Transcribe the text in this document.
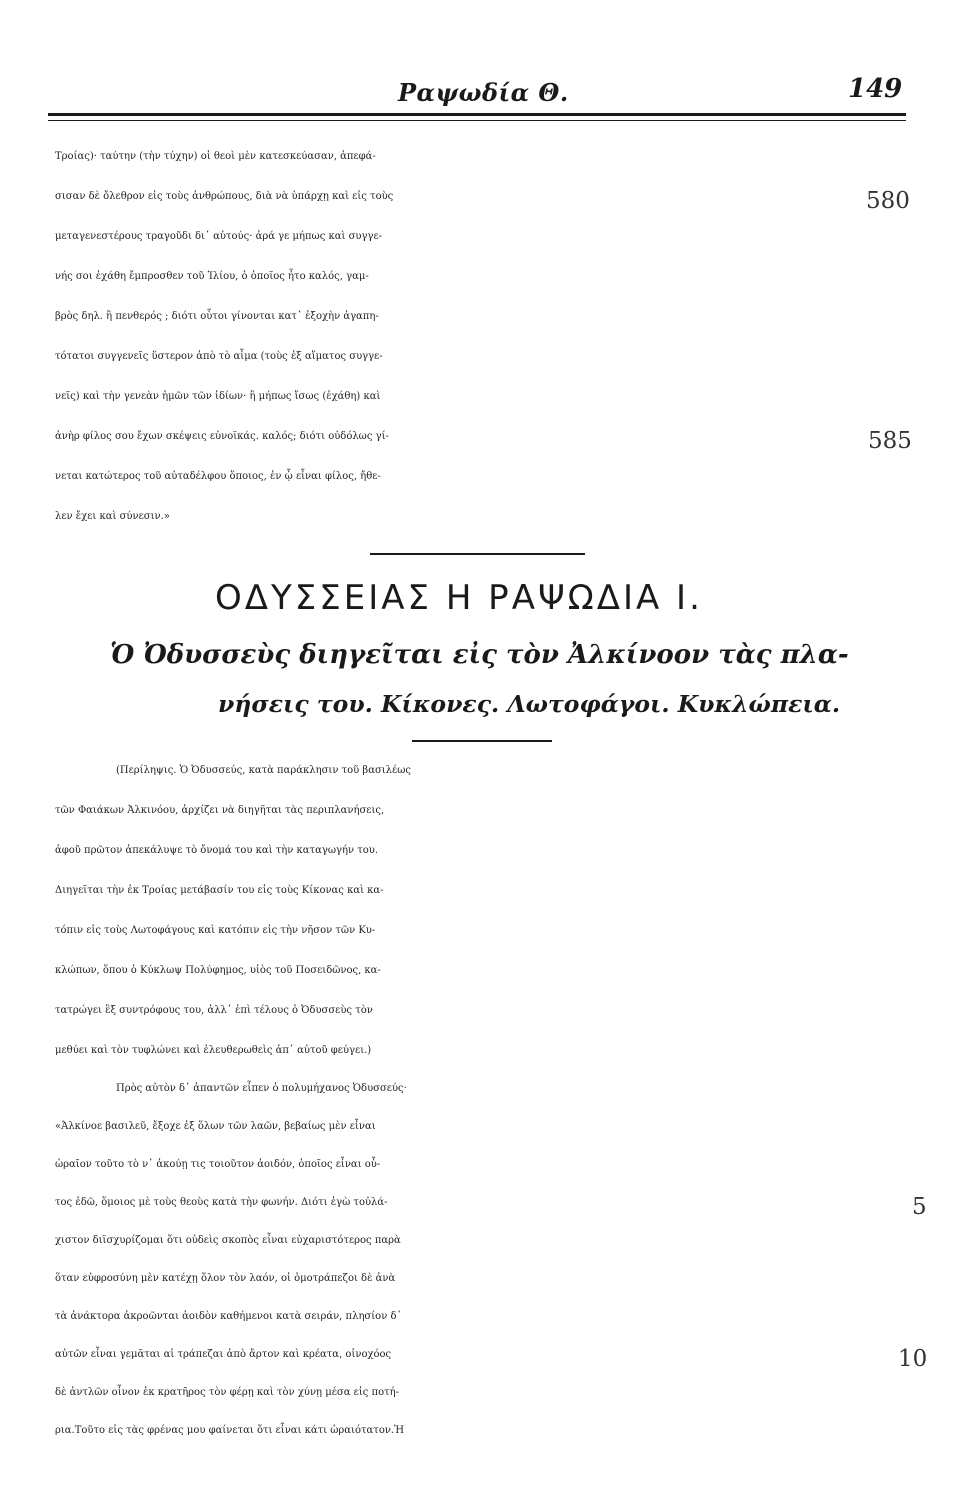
Ραψωδία Θ.	149
Τροίας)· ταύτην (τὴν τύχην) οἱ θεοὶ μὲν κατεσκεύασαν, ἀπεφά-
σισαν δὲ ὄλεθρον εἰς τοὺς ἀνθρώπους, διὰ νὰ ὑπάρχῃ καὶ εἰς τοὺς
μεταγενεστέρους τραγοῦδι δι᾽ αὐτούς· ἀρά γε μήπως καὶ συγγε-
νής σοι ἐχάθη ἔμπροσθεν τοῦ Ἰλίου, ὁ ὁποῖος ἦτο καλός, γαμ-
βρὸς δηλ. ἢ πενθερός ; διότι οὗτοι γίνονται κατ᾽ ἐξοχὴν ἀγαπη-
τότατοι συγγενεῖς ὕστερον ἀπὸ τὸ αἷμα (τοὺς ἐξ αἵματος συγγε-
νεῖς) καὶ τὴν γενεὰν ἡμῶν τῶν ἰδίων· ἢ μήπως ἴσως (ἐχάθη) καὶ
ἀνὴρ φίλος σου ἔχων σκέψεις εὐνοϊκάς. καλός; διότι οὐδόλως γί-
νεται κατώτερος τοῦ αὐταδέλφου ὅποιος, ἐν ᾧ εἶναι φίλος, ἤθε-
λεν ἔχει καὶ σύνεσιν.»
580
585
ΟΔΥΣΣΕΙΑΣ Η ΡΑΨΩΔΙΑ Ι.
Ὁ Ὀδυσσεὺς διηγεῖται εἰς τὸν Ἀλκίνοον τὰς πλα-
νήσεις του. Κίκονες. Λωτοφάγοι. Κυκλώπεια.
(Περίληψις. Ὁ Ὀδυσσεύς, κατὰ παράκλησιν τοῦ βασιλέως
τῶν Φαιάκων Ἀλκινόου, ἀρχίζει νὰ διηγῆται τὰς περιπλανήσεις,
ἀφοῦ πρῶτον ἀπεκάλυψε τὸ ὄνομά του καὶ τὴν καταγωγήν του.
Διηγεῖται τὴν ἐκ Τροίας μετάβασίν του εἰς τοὺς Κίκονας καὶ κα-
τόπιν εἰς τοὺς Λωτοφάγους καὶ κατόπιν εἰς τὴν νῆσον τῶν Κυ-
κλώπων, ὅπου ὁ Κύκλωψ Πολύφημος, υἱὸς τοῦ Ποσειδῶνος, κα-
τατρώγει ἓξ συντρόφους του, ἀλλ᾽ ἐπὶ τέλους ὁ Ὀδυσσεὺς τὸν
μεθύει καὶ τὸν τυφλώνει καὶ ἐλευθερωθεὶς ἀπ᾽ αὐτοῦ φεύγει.)
Πρὸς αὐτὸν δ᾽ ἀπαντῶν εἶπεν ὁ πολυμήχανος Ὀδυσσεύς·
«Ἀλκίνοε βασιλεῦ, ἔξοχε ἐξ ὅλων τῶν λαῶν, βεβαίως μὲν εἶναι
ὡραῖον τοῦτο τὸ ν᾽ ἀκούῃ τις τοιοῦτον ἀοιδόν, ὁποῖος εἶναι οὗ-
τος ἐδῶ, ὅμοιος μὲ τοὺς θεοὺς κατὰ τὴν φωνήν. Διότι ἐγὼ τοὐλά-
χιστον διϊσχυρίζομαι ὅτι οὐδεὶς σκοπὸς εἶναι εὐχαριστότερος παρὰ
ὅταν εὐφροσύνη μὲν κατέχῃ ὅλον τὸν λαόν, οἱ ὁμοτράπεζοι δὲ ἀνὰ
τὰ ἀνάκτορα ἀκροῶνται ἀοιδὸν καθήμενοι κατὰ σειράν, πλησίον δ᾽
αὐτῶν εἶναι γεμᾶται αἱ τράπεζαι ἀπὸ ἄρτον καὶ κρέατα, οἰνοχόος
δὲ ἀντλῶν οἶνον ἐκ κρατῆρος τὸν φέρῃ καὶ τὸν χύνῃ μέσα εἰς ποτή-
ρια.Τοῦτο εἰς τὰς φρένας μου φαίνεται ὅτι εἶναι κάτι ὡραιότατον.Ἡ
5
10
